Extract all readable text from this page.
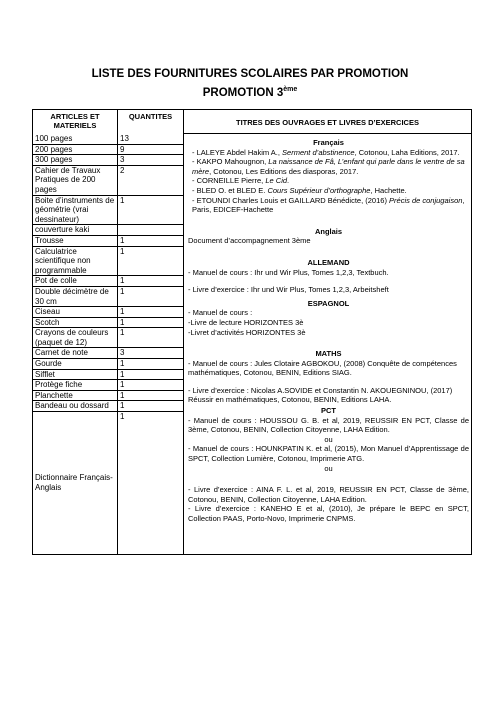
LISTE DES FOURNITURES SCOLAIRES PAR PROMOTION
PROMOTION 3ème
ARTICLES ET MATERIELS	QUANTITES
100 pages	13
200 pages	9
300 pages	3
Cahier de Travaux Pratiques de 200 pages	2
Boite d’instruments de géométrie (vrai dessinateur)	1
couverture kaki	
Trousse	1
Calculatrice scientifique non programmable	1
Pot de colle	1
Double décimètre de 30 cm	1
Ciseau	1
Scotch	1
Crayons de couleurs (paquet de 12)	1
Carnet de note	3
Gourde	1
Sifflet	1
Protège fiche	1
Planchette	1
Bandeau ou dossard	1
Dictionnaire Français-Anglais	1

TITRES DES OUVRAGES ET LIVRES D’EXERCICES
Français

- LALEYE Abdel Hakim A., Serment d’abstinence, Cotonou, Laha Editions, 2017.

- KAKPO Mahougnon, La naissance de Fâ, L’enfant qui parle dans le ventre de sa mère, Cotonou, Les Editions des diasporas, 2017.

- CORNEILLE Pierre, Le Cid.

- BLED O. et BLED E. Cours Supérieur d’orthographe, Hachette.

- ETOUNDI Charles Louis et GAILLARD Bénédicte, (2016) Précis de conjugaison, Paris, EDICEF-Hachette

Anglais

Document d’accompagnement 3ème

ALLEMAND

- Manuel de cours : Ihr und Wir Plus, Tomes 1,2,3, Textbuch.

- Livre d’exercice : Ihr und Wir Plus, Tomes 1,2,3, Arbeitsheft

ESPAGNOL

- Manuel de cours :

-Livre de lecture HORIZONTES 3è

-Livret d’activités HORIZONTES 3è

MATHS

- Manuel de cours : Jules Clotaire AGBOKOU, (2008) Conquête de compétences mathématiques, Cotonou, BENIN, Editions SIAG.

- Livre d’exercice : Nicolas A.SOVIDE et Constantin N. AKOUEGNINOU, (2017) Réussir en mathématiques, Cotonou, BENIN, Editions LAHA.

PCT

- Manuel de cours : HOUSSOU G. B. et al, 2019, REUSSIR EN PCT, Classe de 3ème, Cotonou, BENIN, Collection Citoyenne, LAHA Edition.

ou

- Manuel de cours : HOUNKPATIN K. et al, (2015), Mon Manuel d’Apprentissage de SPCT, Collection Lumière, Cotonou, Imprimerie ATG.

ou

- Livre d’exercice : AINA F. L. et al, 2019, REUSSIR EN PCT, Classe de 3ème, Cotonou, BENIN, Collection Citoyenne, LAHA Edition.

- Livre d’exercice : KANEHO E et al, (2010), Je prépare le BEPC en SPCT, Collection PAAS, Porto-Novo, Imprimerie CNPMS.
